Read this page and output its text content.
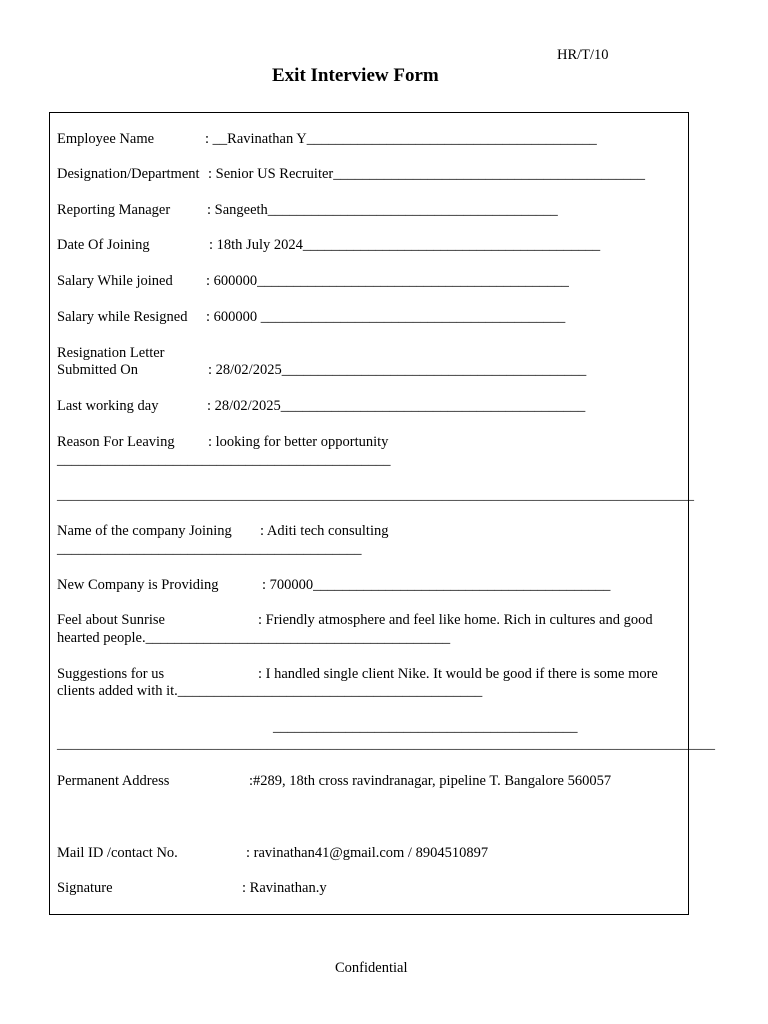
HR/T/10
Exit Interview Form
Employee Name	: __Ravinathan Y________________________________________
Designation/Department : Senior US Recruiter___________________________________________
Reporting Manager	: Sangeeth________________________________________
Date Of Joining	: 18th July 2024_________________________________________
Salary While joined : 600000___________________________________________
Salary while Resigned : 600000 __________________________________________
Resignation Letter
Submitted On	: 28/02/2025__________________________________________
Last working day	: 28/02/2025__________________________________________
Reason For Leaving : looking for better opportunity
______________________________________________
___________________________________________________________________________________________
Name of the company Joining : Aditi tech consulting
__________________________________________
New Company is Providing	: 700000_________________________________________
Feel about Sunrise	: Friendly atmosphere and feel like home. Rich in cultures and good
hearted people.__________________________________________
Suggestions for us	: I handled single client Nike. It would be good if there is some more
clients added with it.__________________________________________
__________________________________________
______________________________________________________________________________________________
Permanent Address	:#289, 18th cross ravindranagar, pipeline T. Bangalore 560057
Mail ID /contact No.	: ravinathan41@gmail.com / 8904510897
Signature	: Ravinathan.y
Confidential
